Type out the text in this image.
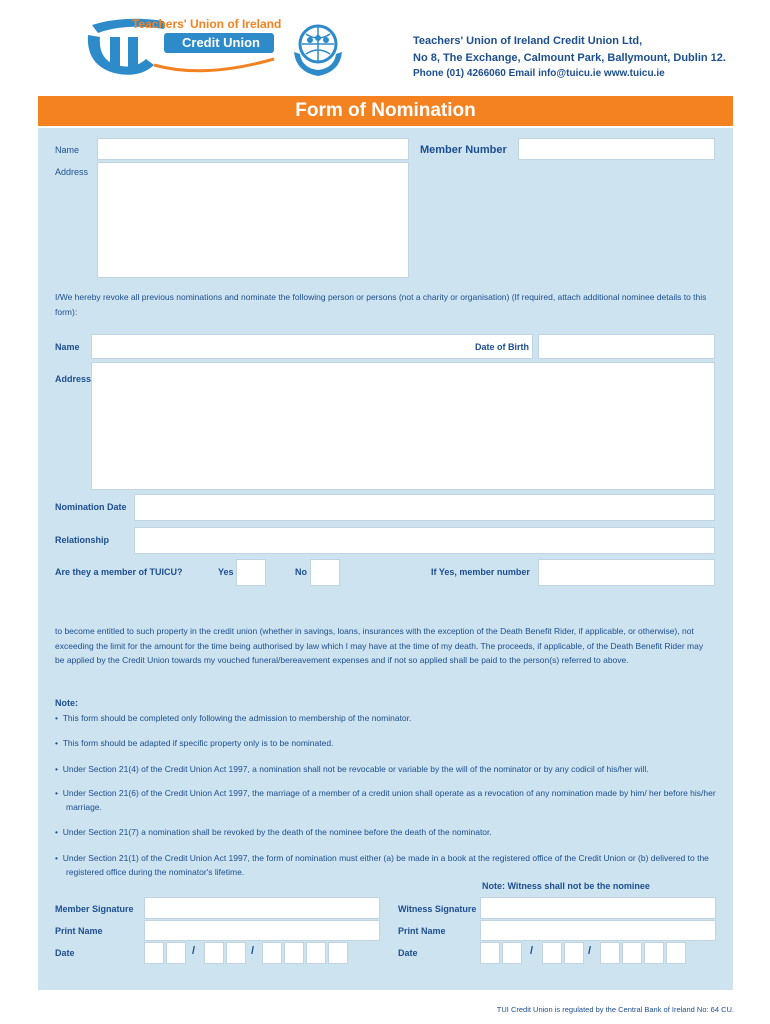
Teachers' Union of Ireland
Credit Union	Teachers' Union of Ireland Credit Union Ltd,
No 8, The Exchange, Calmount Park, Ballymount, Dublin 12.
Phone (01) 4266060 Email info@tuicu.ie www.tuicu.ie
Form of Nomination
Name	Member Number
Address
I/We hereby revoke all previous nominations and nominate the following person or persons (not a charity or organisation) (If required, attach additional nominee details to this form):
Name	Date of Birth
Address
Nomination Date
Relationship
Are they a member of TUICU?	Yes	No	If Yes, member number
to become entitled to such property in the credit union (whether in savings, loans, insurances with the exception of the Death Benefit Rider, if applicable, or otherwise), not exceeding the limit for the amount for the time being authorised by law which I may have at the time of my death. The proceeds, if applicable, of the Death Benefit Rider may be applied by the Credit Union towards my vouched funeral/bereavement expenses and if not so applied shall be paid to the person(s) referred to above.
Note:
•  This form should be completed only following the admission to membership of the nominator.
•  This form should be adapted if specific property only is to be nominated.
•  Under Section 21(4) of the Credit Union Act 1997, a nomination shall not be revocable or variable by the will of the nominator or by any codicil of his/her will.
•  Under Section 21(6) of the Credit Union Act 1997, the marriage of a member of a credit union shall operate as a revocation of any nomination made by him/ her before his/her marriage.
•  Under Section 21(7) a nomination shall be revoked by the death of the nominee before the death of the nominator.
•  Under Section 21(1) of the Credit Union Act 1997, the form of nomination must either (a) be made in a book at the registered office of the Credit Union or (b) delivered to the registered office during the nominator's lifetime.
Note: Witness shall not be the nominee
Member Signature	Witness Signature
Print Name	Print Name
Date	Date
/	/	/	/
TUI Credit Union is regulated by the Central Bank of Ireland No: 64 CU.
